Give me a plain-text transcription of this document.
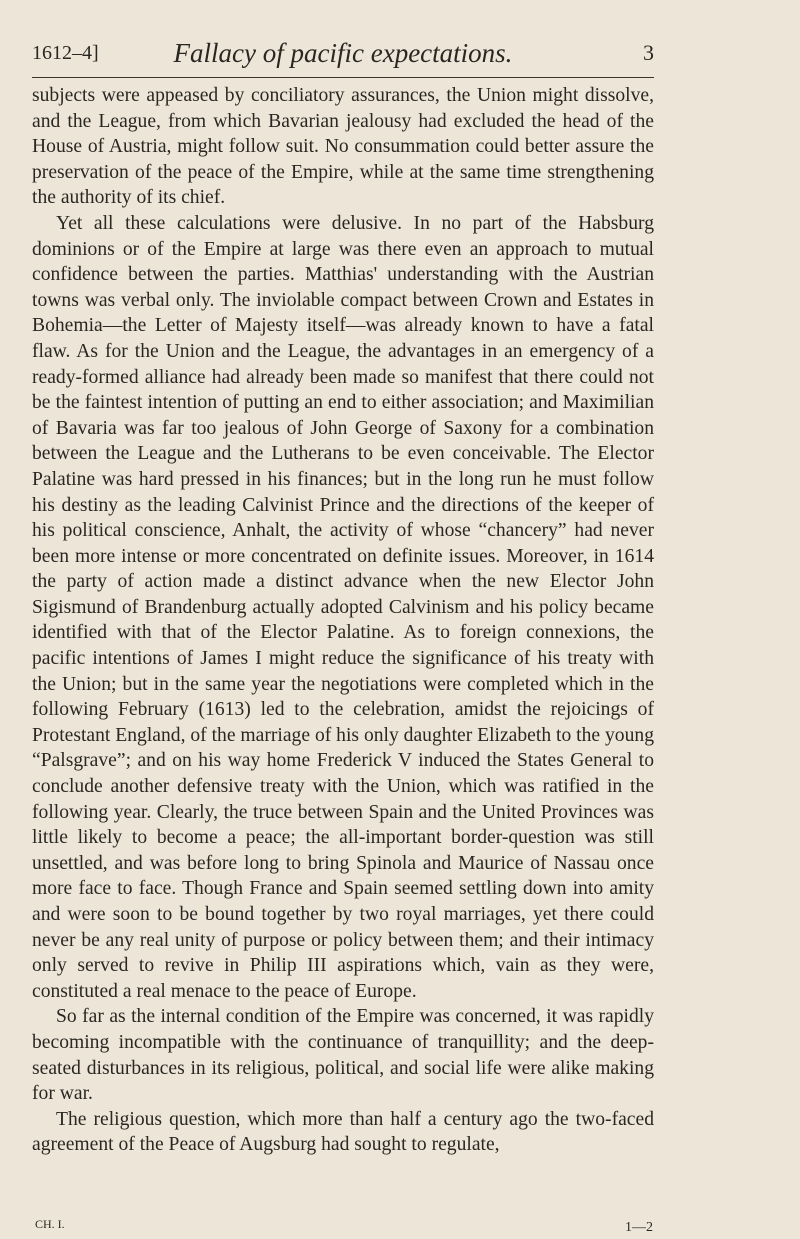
1612–4]	Fallacy of pacific expectations.	3

subjects were appeased by conciliatory assurances, the Union might dissolve, and the League, from which Bavarian jealousy had excluded the head of the House of Austria, might follow suit. No consummation could better assure the preservation of the peace of the Empire, while at the same time strengthening the authority of its chief.

Yet all these calculations were delusive. In no part of the Habsburg dominions or of the Empire at large was there even an approach to mutual confidence between the parties. Matthias' understanding with the Austrian towns was verbal only. The inviolable compact between Crown and Estates in Bohemia—the Letter of Majesty itself—was already known to have a fatal flaw. As for the Union and the League, the advantages in an emergency of a ready-formed alliance had already been made so manifest that there could not be the faintest intention of putting an end to either association; and Maximilian of Bavaria was far too jealous of John George of Saxony for a combination between the League and the Lutherans to be even conceivable. The Elector Palatine was hard pressed in his finances; but in the long run he must follow his destiny as the leading Calvinist Prince and the directions of the keeper of his political conscience, Anhalt, the activity of whose “chancery” had never been more intense or more concentrated on definite issues. Moreover, in 1614 the party of action made a distinct advance when the new Elector John Sigismund of Brandenburg actually adopted Calvinism and his policy became identified with that of the Elector Palatine. As to foreign connexions, the pacific intentions of James I might reduce the significance of his treaty with the Union; but in the same year the negotiations were completed which in the following February (1613) led to the celebration, amidst the rejoicings of Protestant England, of the marriage of his only daughter Elizabeth to the young “Palsgrave”; and on his way home Frederick V induced the States General to conclude another defensive treaty with the Union, which was ratified in the following year. Clearly, the truce between Spain and the United Provinces was little likely to become a peace; the all-important border-question was still unsettled, and was before long to bring Spinola and Maurice of Nassau once more face to face. Though France and Spain seemed settling down into amity and were soon to be bound together by two royal marriages, yet there could never be any real unity of purpose or policy between them; and their intimacy only served to revive in Philip III aspirations which, vain as they were, constituted a real menace to the peace of Europe.

So far as the internal condition of the Empire was concerned, it was rapidly becoming incompatible with the continuance of tranquillity; and the deep-seated disturbances in its religious, political, and social life were alike making for war.

The religious question, which more than half a century ago the two-faced agreement of the Peace of Augsburg had sought to regulate,

CH. I.	1—2
